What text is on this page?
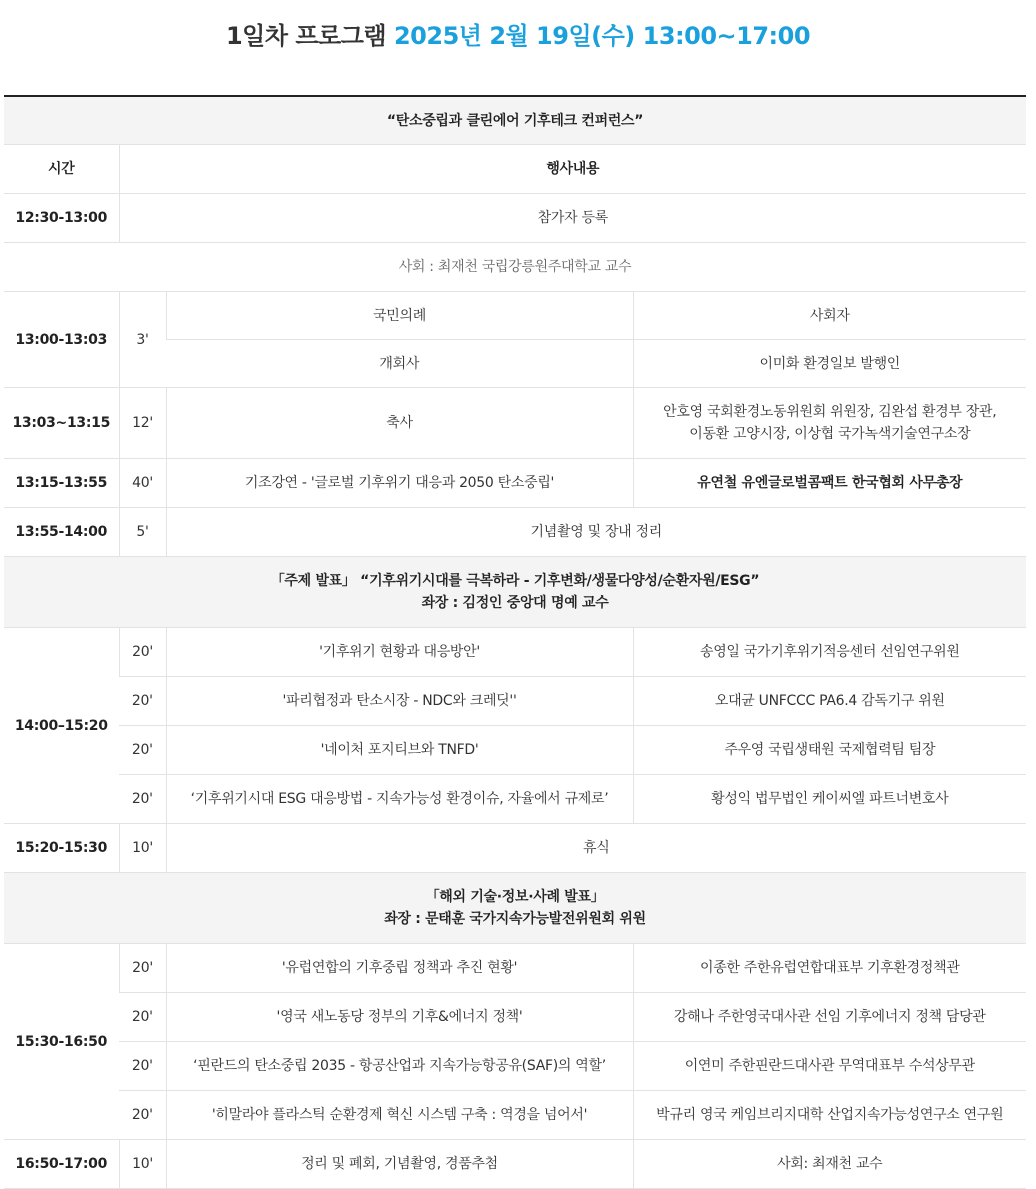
1일차 프로그램 2025년 2월 19일(수) 13:00~17:00
“탄소중립과 클린에어 기후테크 컨퍼런스”			
시간	행사내용		
12:30-13:00	참가자 등록		
사회 : 최재천 국립강릉원주대학교 교수			
13:00-13:03	3'	국민의례	사회자
		개회사	이미화 환경일보 발행인
13:03~13:15	12'	축사	안호영 국회환경노동위원회 위원장, 김완섭 환경부 장관,
이동환 고양시장, 이상협 국가녹색기술연구소장

13:15-13:55	40'	기조강연 - '글로벌 기후위기 대응과 2050 탄소중립'	유연철 유엔글로벌콤팩트 한국협회 사무총장
13:55-14:00	5'	기념촬영 및 장내 정리	

「주제 발표」 “기후위기시대를 극복하라 - 기후변화/생물다양성/순환자원/ESG”
좌장 : 김정인 중앙대 명예 교수			

14:00–15:20	20'	'기후위기 현황과 대응방안'	송영일 국가기후위기적응센터 선임연구위원
	20'	'파리협정과 탄소시장 - NDC와 크레딧''	오대균 UNFCCC PA6.4 감독기구 위원
	20'	'네이처 포지티브와 TNFD'	주우영 국립생태원 국제협력팀 팀장
	20'	‘기후위기시대 ESG 대응방법 - 지속가능성 환경이슈, 자율에서 규제로’	황성익 법무법인 케이씨엘 파트너변호사
15:20-15:30	10'	휴식	

「해외 기술·정보·사례 발표」
좌장 : 문태훈 국가지속가능발전위원회 위원			

15:30-16:50	20'	'유럽연합의 기후중립 정책과 추진 현황'	이종한 주한유럽연합대표부 기후환경정책관
	20'	'영국 새노동당 정부의 기후&에너지 정책'	강해나 주한영국대사관 선임 기후에너지 정책 담당관
	20'	‘핀란드의 탄소중립 2035 - 항공산업과 지속가능항공유(SAF)의 역할’	이연미 주한핀란드대사관 무역대표부 수석상무관
	20'	'히말라야 플라스틱 순환경제 혁신 시스템 구축 : 역경을 넘어서'	박규리 영국 케임브리지대학 산업지속가능성연구소 연구원
16:50-17:00	10'	정리 및 폐회, 기념촬영, 경품추첨	사회: 최재천 교수
